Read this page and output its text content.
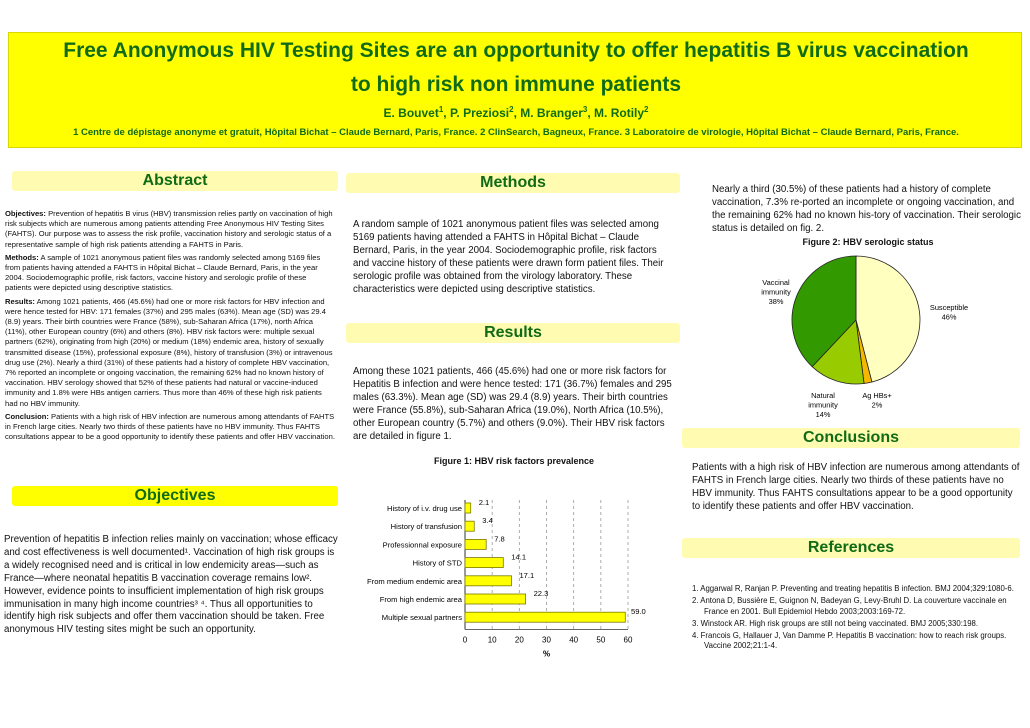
Free Anonymous HIV Testing Sites are an opportunity to offer hepatitis B virus vaccination
to high risk non immune patients
E. Bouvet$^1$, P. Preziosi$^2$, M. Branger$^3$, M. Rotily$^2$
1 Centre de dépistage anonyme et gratuit, Hôpital Bichat – Claude Bernard, Paris, France. 2 ClinSearch, Bagneux, France. 3 Laboratoire de virologie, Hôpital Bichat – Claude Bernard, Paris, France.
Abstract

Objectives: Prevention of hepatitis B virus (HBV) transmission relies partly on vaccination of high risk subjects which are numerous among patients attending Free Anonymous HIV Testing Sites (FAHTS). Our purpose was to assess the risk profile, vaccination history and serologic status of a representative sample of high risk patients attending a FAHTS in Paris.

Methods: A sample of 1021 anonymous patient files was randomly selected among 5169 files from patients having attended a FAHTS in Hôpital Bichat – Claude Bernard, Paris, in the year 2004. Sociodemographic profile, risk factors, vaccine history and serologic profile of these patients were depicted using descriptive statistics.

Results: Among 1021 patients, 466 (45.6%) had one or more risk factors for HBV infection and were hence tested for HBV: 171 females (37%) and 295 males (63%). Mean age (SD) was 29.4 (8.9) years. Their birth countries were France (58%), sub-Saharan Africa (17%), north Africa (11%), other European country (6%) and others (8%). HBV risk factors were: multiple sexual partners (62%), originating from high (20%) or medium (18%) endemic area, history of sexually transmitted disease (15%), professional exposure (8%), history of transfusion (3%) or intravenous drug use (2%). Nearly a third (31%) of these patients had a history of complete HBV vaccination, 7% reported an incomplete or ongoing vaccination, the remaining 62% had no known history of vaccination. HBV serology showed that 52% of these patients had natural or vaccine-induced immunity and 1.8% were HBs antigen carriers. Thus more than 46% of these high risk patients had no HBV immunity.

Conclusion: Patients with a high risk of HBV infection are numerous among attendants of FAHTS in French large cities. Nearly two thirds of these patients have no HBV immunity. Thus FAHTS consultations appear to be a good opportunity to identify these patients and offer HBV vaccination.

Objectives
Prevention of hepatitis B infection relies mainly on vaccination; whose efficacy and cost effectiveness is well documented¹. Vaccination of high risk groups is a widely recognised need and is critical in low endemicity areas—such as France—where neonatal hepatitis B vaccination coverage remains low². However, evidence points to insufficient implementation of high risk groups immunisation in many high income countries³ ⁴. Thus all opportunities to identify high risk subjects and offer them vaccination should be taken. Free anonymous HIV testing sites might be such an opportunity.
Methods
A random sample of 1021 anonymous patient files was selected among 5169 patients having attended a FAHTS in Hôpital Bichat – Claude Bernard, Paris, in the year 2004. Sociodemographic profile, risk factors and vaccine history of these patients were drawn form patient files. Their serologic profile was obtained from the virology laboratory. These characteristics were depicted using descriptive statistics.
Results
Among these 1021 patients, 466 (45.6%) had one or more risk factors for Hepatitis B infection and were hence tested: 171 (36.7%) females and 295 males (63.3%). Mean age (SD) was 29.4 (8.9) years. Their birth countries were France (55.8%), sub-Saharan Africa (19.0%), North Africa (10.5%), other European country (5.7%) and others (9.0%). Their HBV risk factors are detailed in figure 1.
Figure 1: HBV risk factors prevalence
0	10 20 30 40 50 60
History of i.v. drug use
2.1
History of transfusion
3.4
Professionnal exposure
7.8
History of STD
14.1
From medium endemic area
17.1
From high endemic area
22.3
Multiple sexual partners
59.0
%
Nearly a third (30.5%) of these patients had a history of complete vaccination, 7.3% re-ported an incomplete or ongoing vaccination, and the remaining 62% had no known his-tory of vaccination. Their serologic status is detailed on fig. 2.
Figure 2: HBV serologic status
Susceptible 46%
Ag HBs+ 2%
Natural immunity 14%
Vaccinal immunity 38%
Conclusions
Patients with a high risk of HBV infection are numerous among attendants of FAHTS in French large cities. Nearly two thirds of these patients have no HBV immunity. Thus FAHTS consultations appear to be a good opportunity to identify these patients and offer HBV vaccination.
References
1. Aggarwal R, Ranjan P. Preventing and treating hepatitis B infection. BMJ 2004;329:1080-6.
2. Antona D, Bussière E, Guignon N, Badeyan G, Levy-Bruhl D. La couverture vaccinale en France en 2001. Bull Epidemiol Hebdo 2003;2003:169-72.
3. Winstock AR. High risk groups are still not being vaccinated. BMJ 2005;330:198.
4. Francois G, Hallauer J, Van Damme P. Hepatitis B vaccination: how to reach risk groups. Vaccine 2002;21:1-4.
